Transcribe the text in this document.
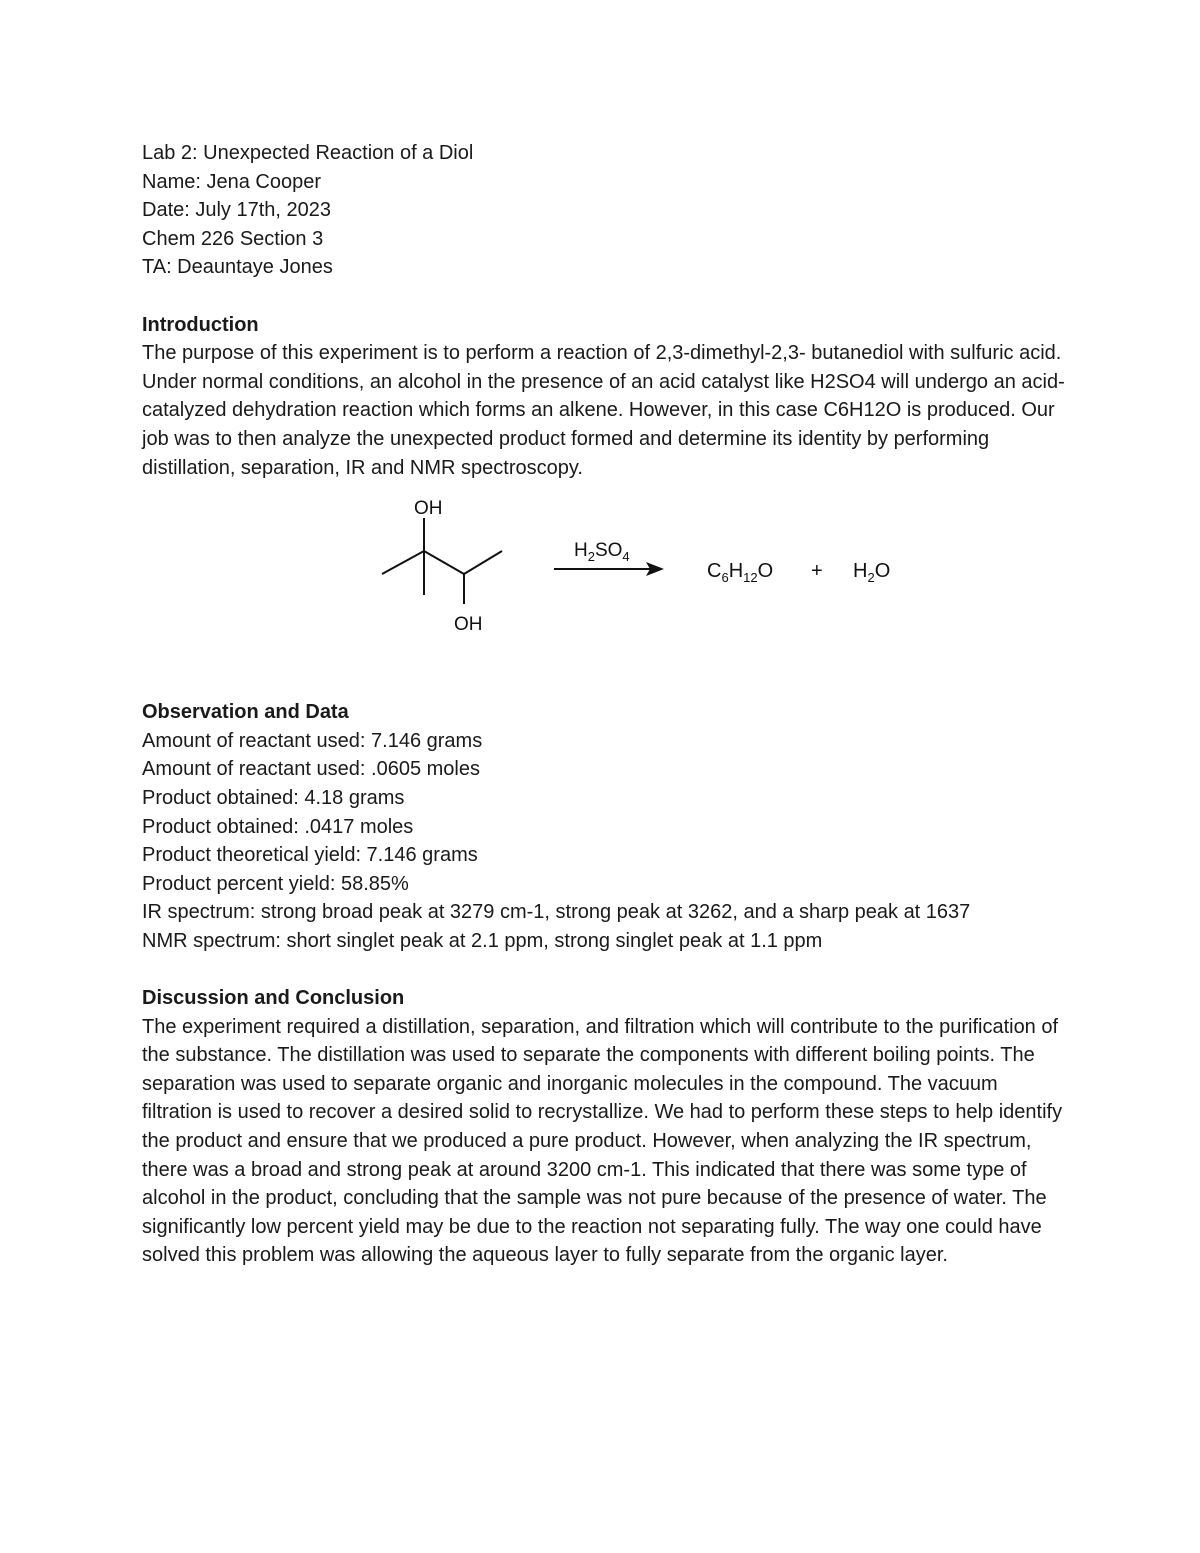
Lab 2: Unexpected Reaction of a Diol
Name: Jena Cooper
Date: July 17th, 2023
Chem 226 Section 3
TA: Deauntaye Jones
Introduction

The purpose of this experiment is to perform a reaction of 2,3-dimethyl-2,3- butanediol with sulfuric acid. Under normal conditions, an alcohol in the presence of an acid catalyst like H2SO4 will undergo an acid-catalyzed dehydration reaction which forms an alkene. However, in this case C6H12O is produced. Our job was to then analyze the unexpected product formed and determine its identity by performing distillation, separation, IR and NMR spectroscopy.

OH
OH
$H_2SO_4$
$C_6H_{12}O + H_2O$
Observation and Data
Amount of reactant used: 7.146 grams
Amount of reactant used: .0605 moles
Product obtained: 4.18 grams
Product obtained: .0417 moles
Product theoretical yield: 7.146 grams
Product percent yield: 58.85%
IR spectrum: strong broad peak at 3279 cm-1, strong peak at 3262, and a sharp peak at 1637
NMR spectrum: short singlet peak at 2.1 ppm, strong singlet peak at 1.1 ppm
Discussion and Conclusion

The experiment required a distillation, separation, and filtration which will contribute to the purification of the substance. The distillation was used to separate the components with different boiling points. The separation was used to separate organic and inorganic molecules in the compound. The vacuum filtration is used to recover a desired solid to recrystallize. We had to perform these steps to help identify the product and ensure that we produced a pure product. However, when analyzing the IR spectrum, there was a broad and strong peak at around 3200 cm-1. This indicated that there was some type of alcohol in the product, concluding that the sample was not pure because of the presence of water. The significantly low percent yield may be due to the reaction not separating fully. The way one could have solved this problem was allowing the aqueous layer to fully separate from the organic layer.
